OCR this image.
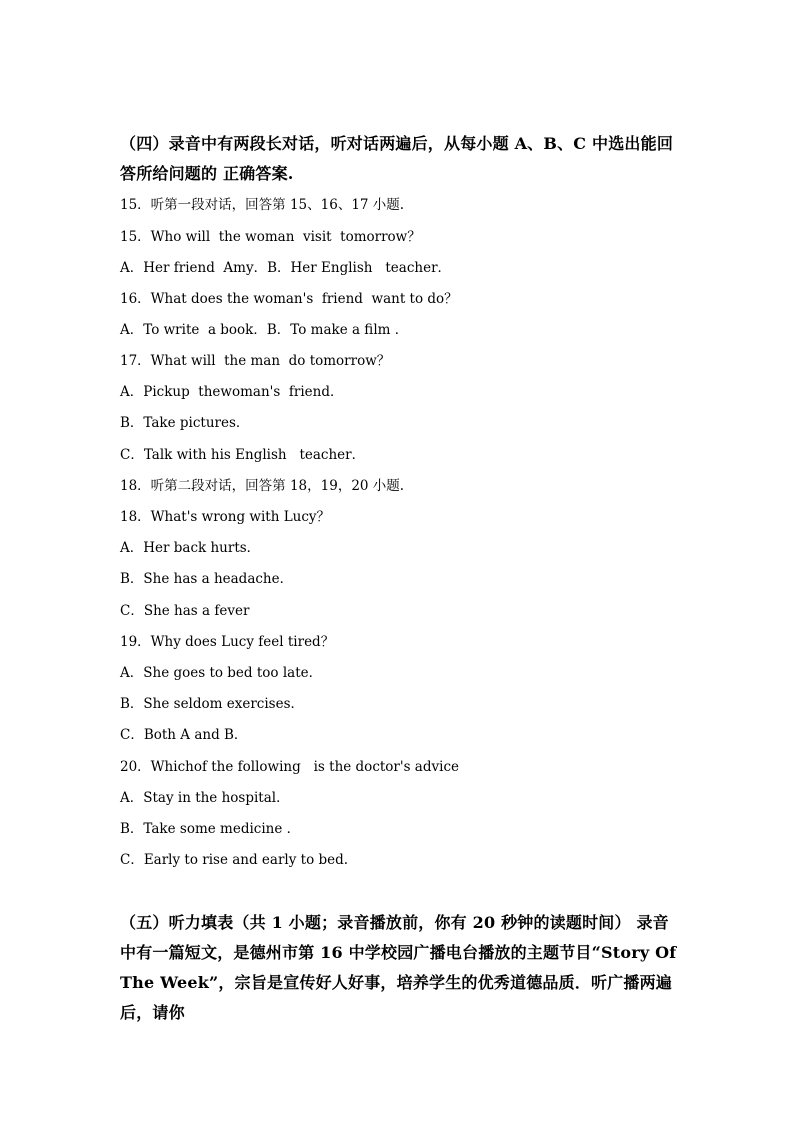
（四）录音中有两段长对话，听对话两遍后，从每小题 A、B、C 中选出能回答所给问题的 正确答案.
15．听第一段对话，回答第 15、16、17 小题.
15．Who will  the woman  visit  tomorrow？
A．Her friend  Amy．B．Her English   teacher．
16．What does the woman's  friend  want to do？
A．To write  a book．B．To make a film ．
17．What will  the man  do tomorrow？
A．Pickup  thewoman's  friend．
B．Take pictures．
C．Talk with his English   teacher．
18．听第二段对话，回答第 18，19，20 小题.
18．What's wrong with Lucy？
A．Her back hurts．
B．She has a headache．
C．She has a fever
19．Why does Lucy feel tired？
A．She goes to bed too late．
B．She seldom exercises．
C．Both A and B．
20．Whichof the following   is the doctor's advice
A．Stay in the hospital．
B．Take some medicine ．
C．Early to rise and early to bed.
（五）听力填表（共 1 小题；录音播放前，你有 20 秒钟的读题时间） 录音中有一篇短文，是德州市第 16 中学校园广播电台播放的主题节目“Story Of The Week”，宗旨是宣传好人好事，培养学生的优秀道德品质．听广播两遍后，请你
